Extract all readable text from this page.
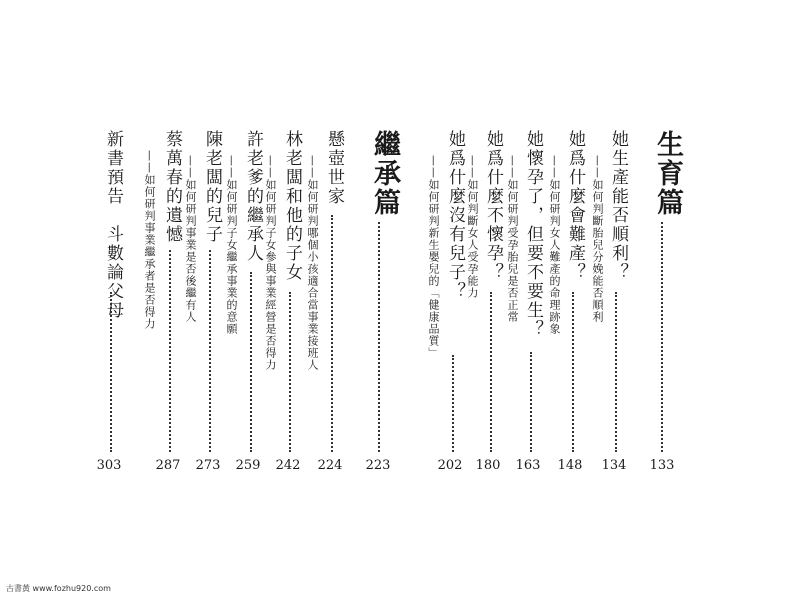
生育篇
133
她生產能否順利？
——如何判斷胎兒分娩能否順利
134
她爲什麼會難產？
——如何研判女人難產的命理跡象
148
她懷孕了，但要不要生？
——如何研判受孕胎兒是否正常
163
她爲什麼不懷孕？
——如何判斷女人受孕能力
180
她爲什麼沒有兒子？
——如何研判新生嬰兒的「健康品質」
202
繼承篇
223
懸壺世家
——如何研判哪個小孩適合當事業接班人
224
林老闆和他的子女
——如何研判子女參與事業經營是否得力
242
許老爹的繼承人
——如何研判子女繼承事業的意願
259
陳老闆的兒子
——如何研判事業是否後繼有人
273
蔡萬春的遺憾
——如何研判事業繼承者是否得力
287
新書預告　斗數論父母
303
古書黃 www.fozhu920.com
